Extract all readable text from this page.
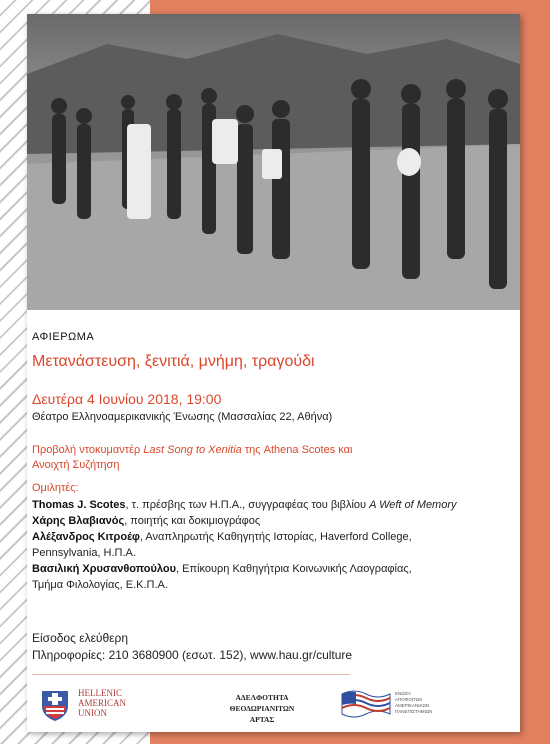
ΑΦΙΕΡΩΜΑ
Μετανάστευση, ξενιτιά, μνήμη, τραγούδι
Δευτέρα 4 Ιουνίου 2018, 19:00
Θέατρο Ελληνοαμερικανικής Ένωσης (Μασσαλίας 22, Αθήνα)
Προβολή ντοκυμαντέρ Last Song to Xenitia της Athena Scotes και
Ανοιχτή Συζήτηση
Ομιλητές:
Thomas J. Scotes, τ. πρέσβης των Η.Π.Α., συγγραφέας του βιβλίου A Weft of Memory
Χάρης Βλαβιανός, ποιητής και δοκιμιογράφος
Αλέξανδρος Κιτροέφ, Αναπληρωτής Καθηγητής Ιστορίας, Haverford College,
Pennsylvania, Η.Π.Α.
Βασιλική Χρυσανθοπούλου, Επίκουρη Καθηγήτρια Κοινωνικής Λαογραφίας,
Τμήμα Φιλολογίας, Ε.Κ.Π.Α.
Είσοδος ελεύθερη
Πληροφορίες: 210 3680900 (εσωτ. 152), www.hau.gr/culture
HELLENIC
AMERICAN
UNION
ΑΔΕΛΦΟΤΗΤΑ
ΘΕΟΔΩΡΙΑΝΙΤΩΝ
ΑΡΤΑΣ
ΕΝΩΣΗ
ΑΠΟΦΟΙΤΩΝ
ΑΜΕΡΙΚΑΝΙΚΩΝ
ΠΑΝΕΠΙΣΤΗΜΙΩΝ
